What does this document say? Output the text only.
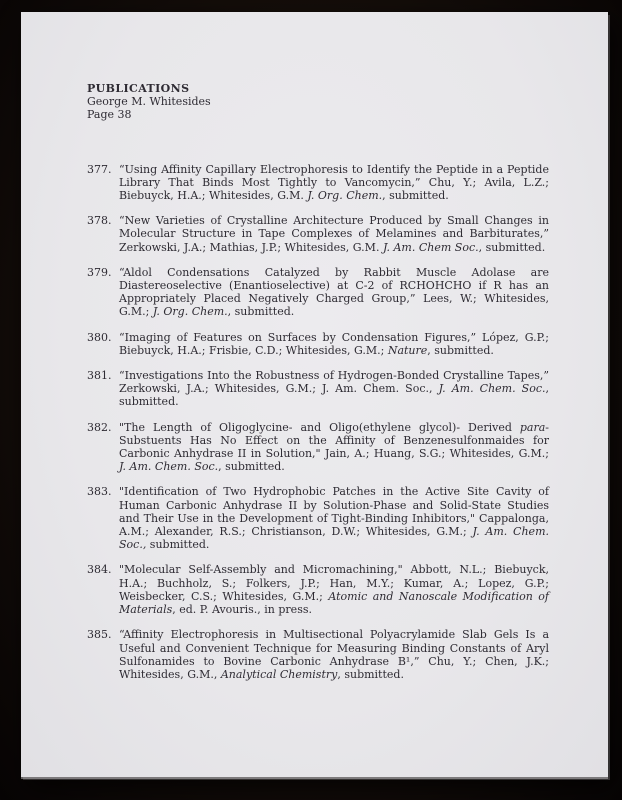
PUBLICATIONS
George M. Whitesides
Page 38
377. “Using Affinity Capillary Electrophoresis to Identify the Peptide in a Peptide Library That Binds Most Tightly to Vancomycin,” Chu, Y.; Avila, L.Z.; Biebuyck, H.A.; Whitesides, G.M. J. Org. Chem., submitted.
378. “New Varieties of Crystalline Architecture Produced by Small Changes in Molecular Structure in Tape Complexes of Melamines and Barbiturates,” Zerkowski, J.A.; Mathias, J.P.; Whitesides, G.M. J. Am. Chem Soc., submitted.
379. “Aldol Condensations Catalyzed by Rabbit Muscle Adolase are Diastereoselective (Enantioselective) at C-2 of RCHOHCHO if R has an Appropriately Placed Negatively Charged Group,” Lees, W.; Whitesides, G.M.; J. Org. Chem., submitted.
380. “Imaging of Features on Surfaces by Condensation Figures,” López, G.P.; Biebuyck, H.A.; Frisbie, C.D.; Whitesides, G.M.; Nature, submitted.
381. “Investigations Into the Robustness of Hydrogen-Bonded Crystalline Tapes,” Zerkowski, J.A.; Whitesides, G.M.; J. Am. Chem. Soc., J. Am. Chem. Soc., submitted.
382. "The Length of Oligoglycine- and Oligo(ethylene glycol)- Derived para-Substuents Has No Effect on the Affinity of Benzenesulfonmaides for Carbonic Anhydrase II in Solution," Jain, A.; Huang, S.G.; Whitesides, G.M.; J. Am. Chem. Soc., submitted.
383. "Identification of Two Hydrophobic Patches in the Active Site Cavity of Human Carbonic Anhydrase II by Solution-Phase and Solid-State Studies and Their Use in the Development of Tight-Binding Inhibitors," Cappalonga, A.M.; Alexander, R.S.; Christianson, D.W.; Whitesides, G.M.; J. Am. Chem. Soc., submitted.
384. "Molecular Self-Assembly and Micromachining," Abbott, N.L.; Biebuyck, H.A.; Buchholz, S.; Folkers, J.P.; Han, M.Y.; Kumar, A.; Lopez, G.P.; Weisbecker, C.S.; Whitesides, G.M.; Atomic and Nanoscale Modification of Materials, ed. P. Avouris., in press.
385. “Affinity Electrophoresis in Multisectional Polyacrylamide Slab Gels Is a Useful and Convenient Technique for Measuring Binding Constants of Aryl Sulfonamides to Bovine Carbonic Anhydrase B¹,” Chu, Y.; Chen, J.K.; Whitesides, G.M., Analytical Chemistry, submitted.
